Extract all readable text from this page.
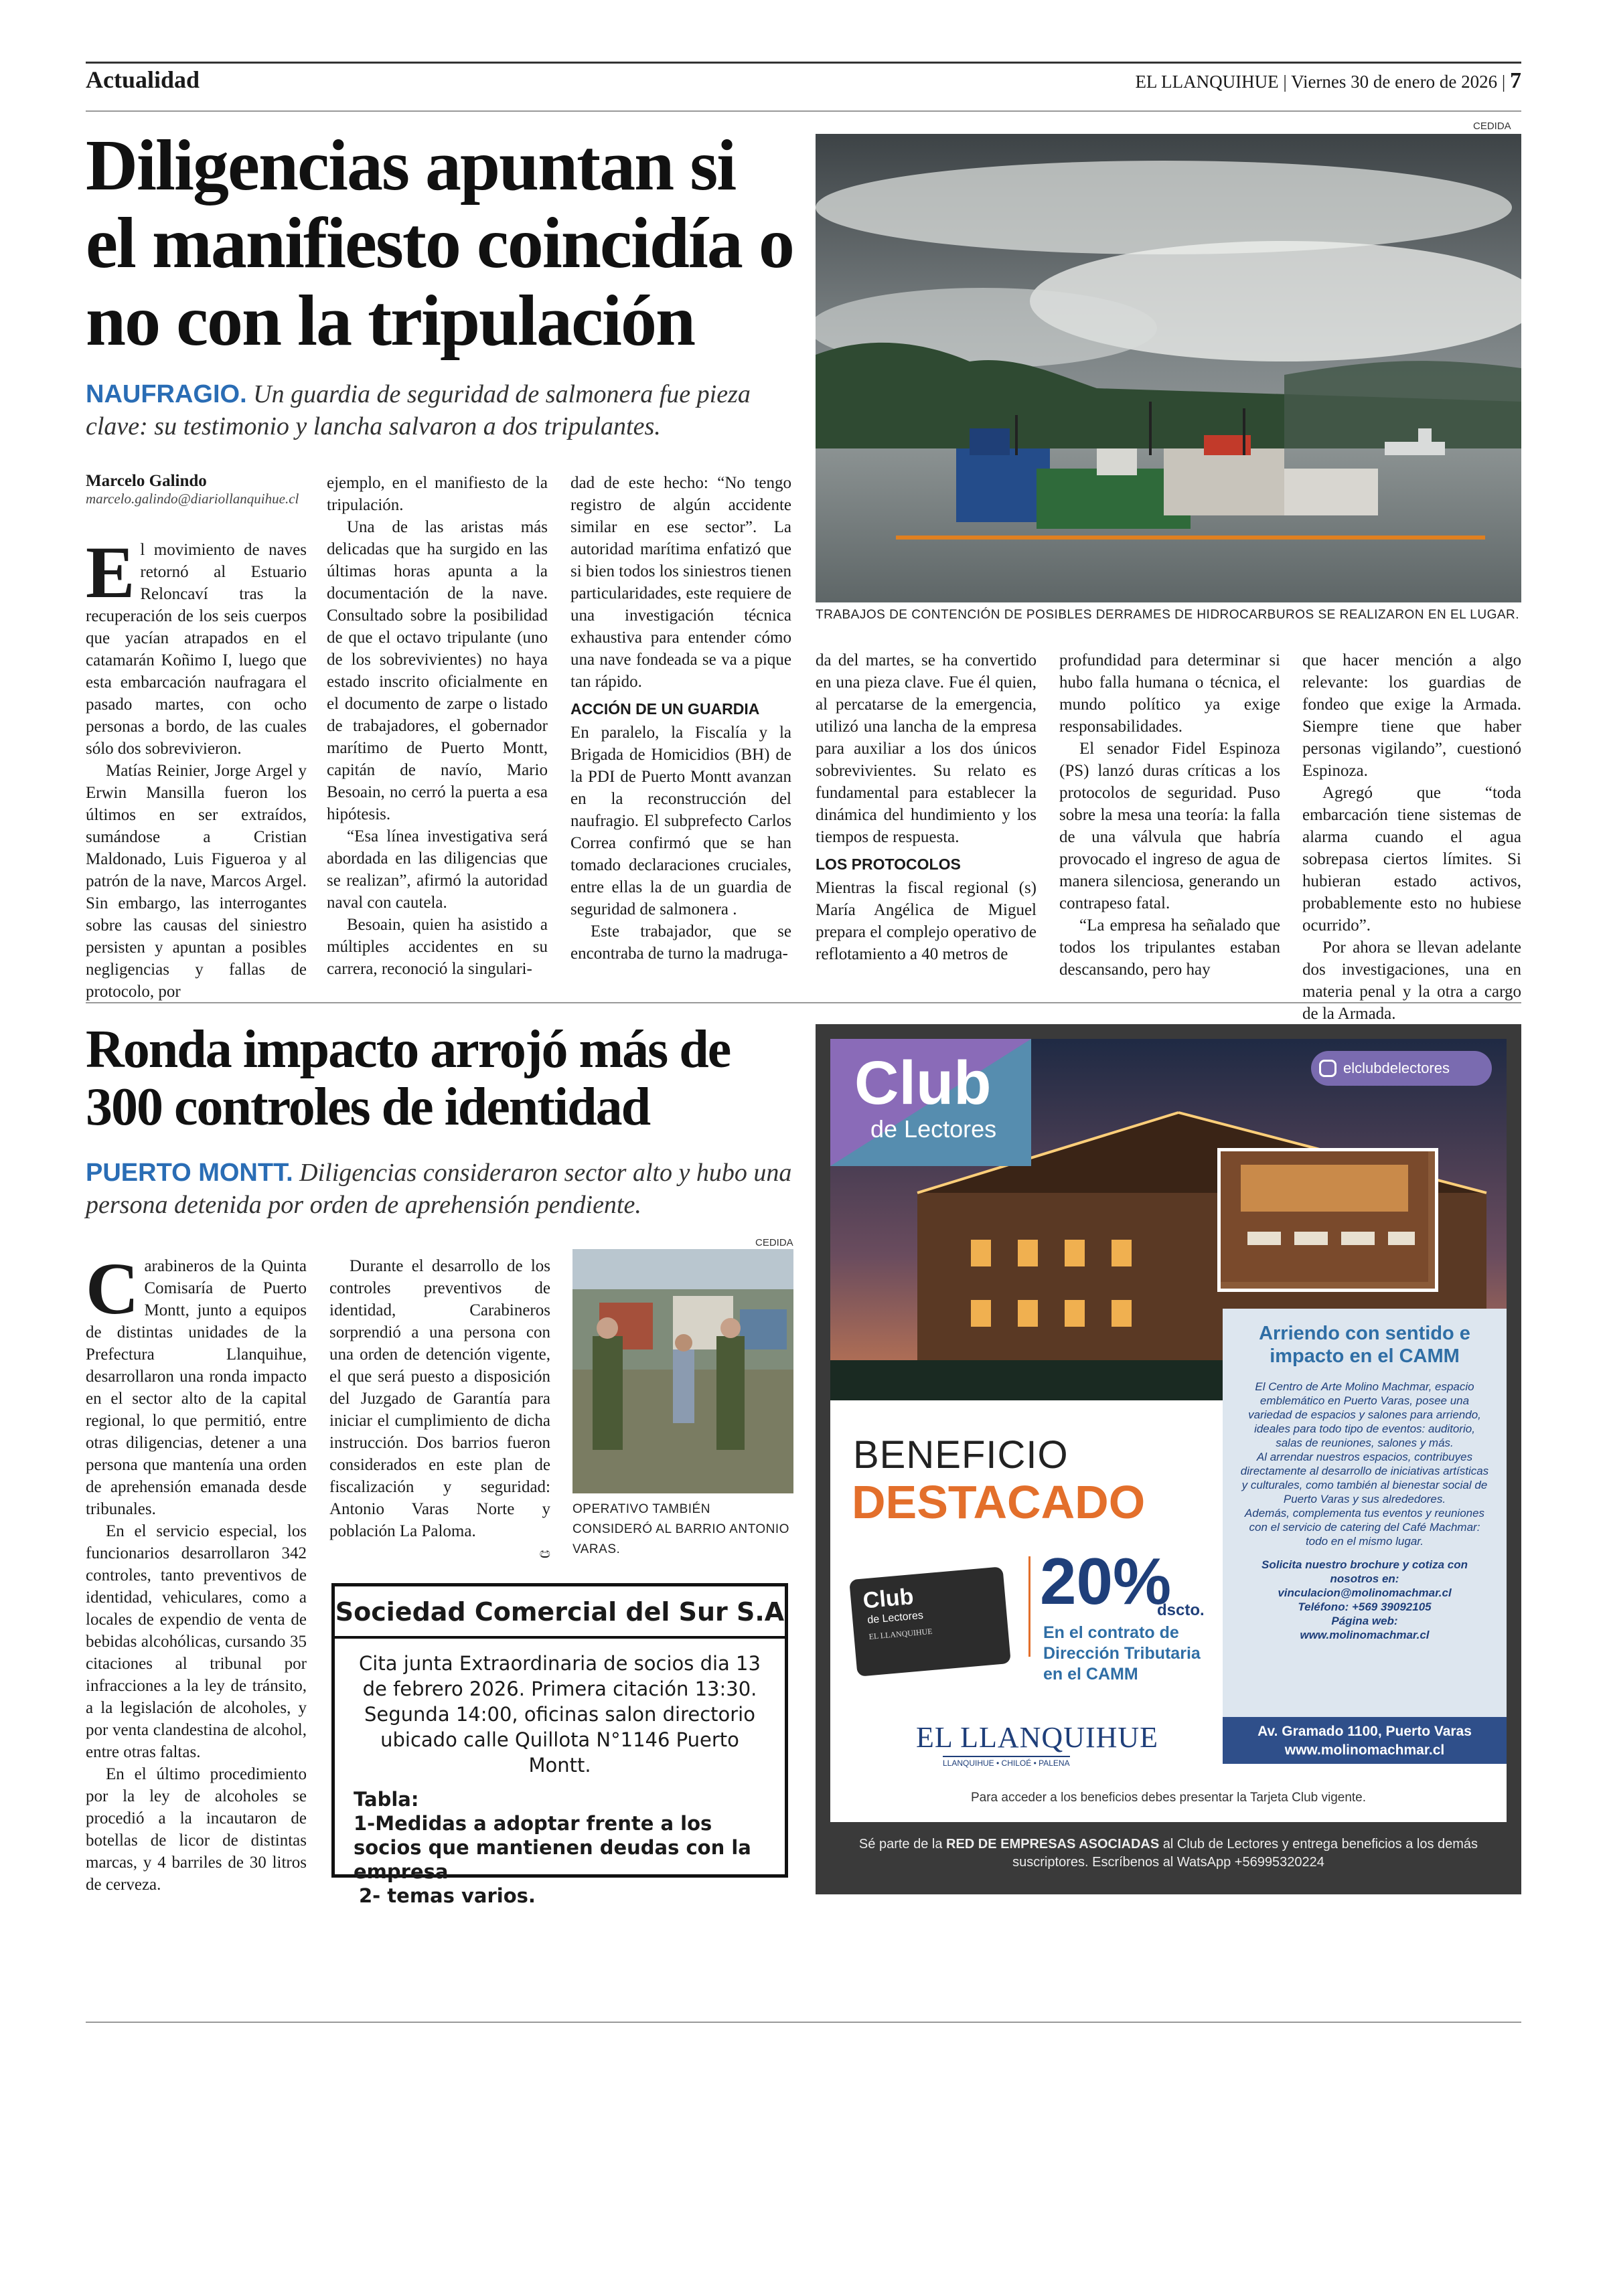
Actualidad	EL LLANQUIHUE | Viernes 30 de enero de 2026 | 7
Diligencias apuntan si el manifiesto coincidía o no con la tripulación
NAUFRAGIO. Un guardia de seguridad de salmonera fue pieza clave: su testimonio y lancha salvaron a dos tripulantes.
CEDIDA
TRABAJOS DE CONTENCIÓN DE POSIBLES DERRAMES DE HIDROCARBUROS SE REALIZARON EN EL LUGAR.
Marcelo Galindo
marcelo.galindo@diariollanquihue.cl
E l movimiento de naves retornó al Estuario Reloncaví tras la recuperación de los seis cuerpos que yacían atrapados en el catamarán Koñimo I, luego que esta embarcación naufragara el pasado martes, con ocho personas a bordo, de las cuales sólo dos sobrevivieron.

Matías Reinier, Jorge Argel y Erwin Mansilla fueron los últimos en ser extraídos, sumándose a Cristian Maldonado, Luis Figueroa y al patrón de la nave, Marcos Argel. Sin embargo, las interrogantes sobre las causas del siniestro persisten y apuntan a posibles negligencias y fallas de protocolo, por

ejemplo, en el manifiesto de la tripulación.

Una de las aristas más delicadas que ha surgido en las últimas horas apunta a la documentación de la nave. Consultado sobre la posibilidad de que el octavo tripulante (uno de los sobrevivientes) no haya estado inscrito oficialmente en el documento de zarpe o listado de trabajadores, el gobernador marítimo de Puerto Montt, capitán de navío, Mario Besoain, no cerró la puerta a esa hipótesis.

“Esa línea investigativa será abordada en las diligencias que se realizan”, afirmó la autoridad naval con cautela.

Besoain, quien ha asistido a múltiples accidentes en su carrera, reconoció la singulari-

dad de este hecho: “No tengo registro de algún accidente similar en ese sector”. La autoridad marítima enfatizó que si bien todos los siniestros tienen particularidades, este requiere de una investigación técnica exhaustiva para entender cómo una nave fondeada se va a pique tan rápido.

ACCIÓN DE UN GUARDIA

En paralelo, la Fiscalía y la Brigada de Homicidios (BH) de la PDI de Puerto Montt avanzan en la reconstrucción del naufragio. El subprefecto Carlos Correa confirmó que se han tomado declaraciones cruciales, entre ellas la de un guardia de seguridad de salmonera .

Este trabajador, que se encontraba de turno la madruga-

da del martes, se ha convertido en una pieza clave. Fue él quien, al percatarse de la emergencia, utilizó una lancha de la empresa para auxiliar a los dos únicos sobrevivientes. Su relato es fundamental para establecer la dinámica del hundimiento y los tiempos de respuesta.

LOS PROTOCOLOS

Mientras la fiscal regional (s) María Angélica de Miguel prepara el complejo operativo de reflotamiento a 40 metros de

profundidad para determinar si hubo falla humana o técnica, el mundo político ya exige responsabilidades.

El senador Fidel Espinoza (PS) lanzó duras críticas a los protocolos de seguridad. Puso sobre la mesa una teoría: la falla de una válvula que habría provocado el ingreso de agua de manera silenciosa, generando un contrapeso fatal.

“La empresa ha señalado que todos los tripulantes estaban descansando, pero hay

que hacer mención a algo relevante: los guardias de fondeo que exige la Armada. Siempre tiene que haber personas vigilando”, cuestionó Espinoza.

Agregó que “toda embarcación tiene sistemas de alarma cuando el agua sobrepasa ciertos límites. Si hubieran estado activos, probablemente esto no hubiese ocurrido”.

Por ahora se llevan adelante dos investigaciones, una en materia penal y la otra a cargo de la Armada.

Ronda impacto arrojó más de 300 controles de identidad
PUERTO MONTT. Diligencias consideraron sector alto y hubo una persona detenida por orden de aprehensión pendiente.
C arabineros de la Quinta Comisaría de Puerto Montt, junto a equipos de distintas unidades de la Prefectura Llanquihue, desarrollaron una ronda impacto en el sector alto de la capital regional, lo que permitió, entre otras diligencias, detener a una persona que mantenía una orden de aprehensión emanada desde tribunales.

En el servicio especial, los funcionarios desarrollaron 342 controles, tanto preventivos de identidad, vehiculares, como a locales de expendio de venta de bebidas alcohólicas, cursando 35 citaciones al tribunal por infracciones a la ley de tránsito, a la legislación de alcoholes, y por venta clandestina de alcohol, entre otras faltas.

En el último procedimiento por la ley de alcoholes se procedió a la incautaron de botellas de licor de distintas marcas, y 4 barriles de 30 litros de cerveza.

Durante el desarrollo de los controles preventivos de identidad, Carabineros sorprendió a una persona con una orden de detención vigente, el que será puesto a disposición del Juzgado de Garantía para iniciar el cumplimiento de dicha instrucción. Dos barrios fueron considerados en este plan de fiscalización y seguridad: Antonio Varas Norte y población La Paloma.

ඏ
CEDIDA
OPERATIVO TAMBIÉN CONSIDERÓ AL BARRIO ANTONIO VARAS.
Sociedad Comercial del Sur S.A
Cita junta Extraordinaria de socios dia 13 de febrero 2026. Primera citación 13:30. Segunda 14:00, oficinas salon directorio ubicado calle Quillota N°1146 Puerto Montt.
Tabla:
1-Medidas a adoptar frente a los socios que mantienen deudas con la empresa
2- temas varios.
Club
de Lectores
elclubdelectores
BENEFICIO
DESTACADO
Club
de Lectores
EL LLANQUIHUE
20%
dscto.
En el contrato de Dirección Tributaria en el CAMM
EL LLANQUIHUE
LLANQUIHUE • CHILOÉ • PALENA
Arriendo con sentido e impacto en el CAMM
El Centro de Arte Molino Machmar, espacio emblemático en Puerto Varas, posee una variedad de espacios y salones para arriendo, ideales para todo tipo de eventos: auditorio, salas de reuniones, salones y más.
Al arrendar nuestros espacios, contribuyes directamente al desarrollo de iniciativas artísticas y culturales, como también al bienestar social de Puerto Varas y sus alrededores.
Además, complementa tus eventos y reuniones con el servicio de catering del Café Machmar: todo en el mismo lugar.
Solicita nuestro brochure y cotiza con nosotros en:
vinculacion@molinomachmar.cl
Teléfono: +569 39092105
Página web:
www.molinomachmar.cl
Av. Gramado 1100, Puerto Varas
www.molinomachmar.cl
Para acceder a los beneficios debes presentar la Tarjeta Club vigente.
Sé parte de la RED DE EMPRESAS ASOCIADAS al Club de Lectores y entrega beneficios a los demás suscriptores. Escríbenos al WatsApp +56995320224
